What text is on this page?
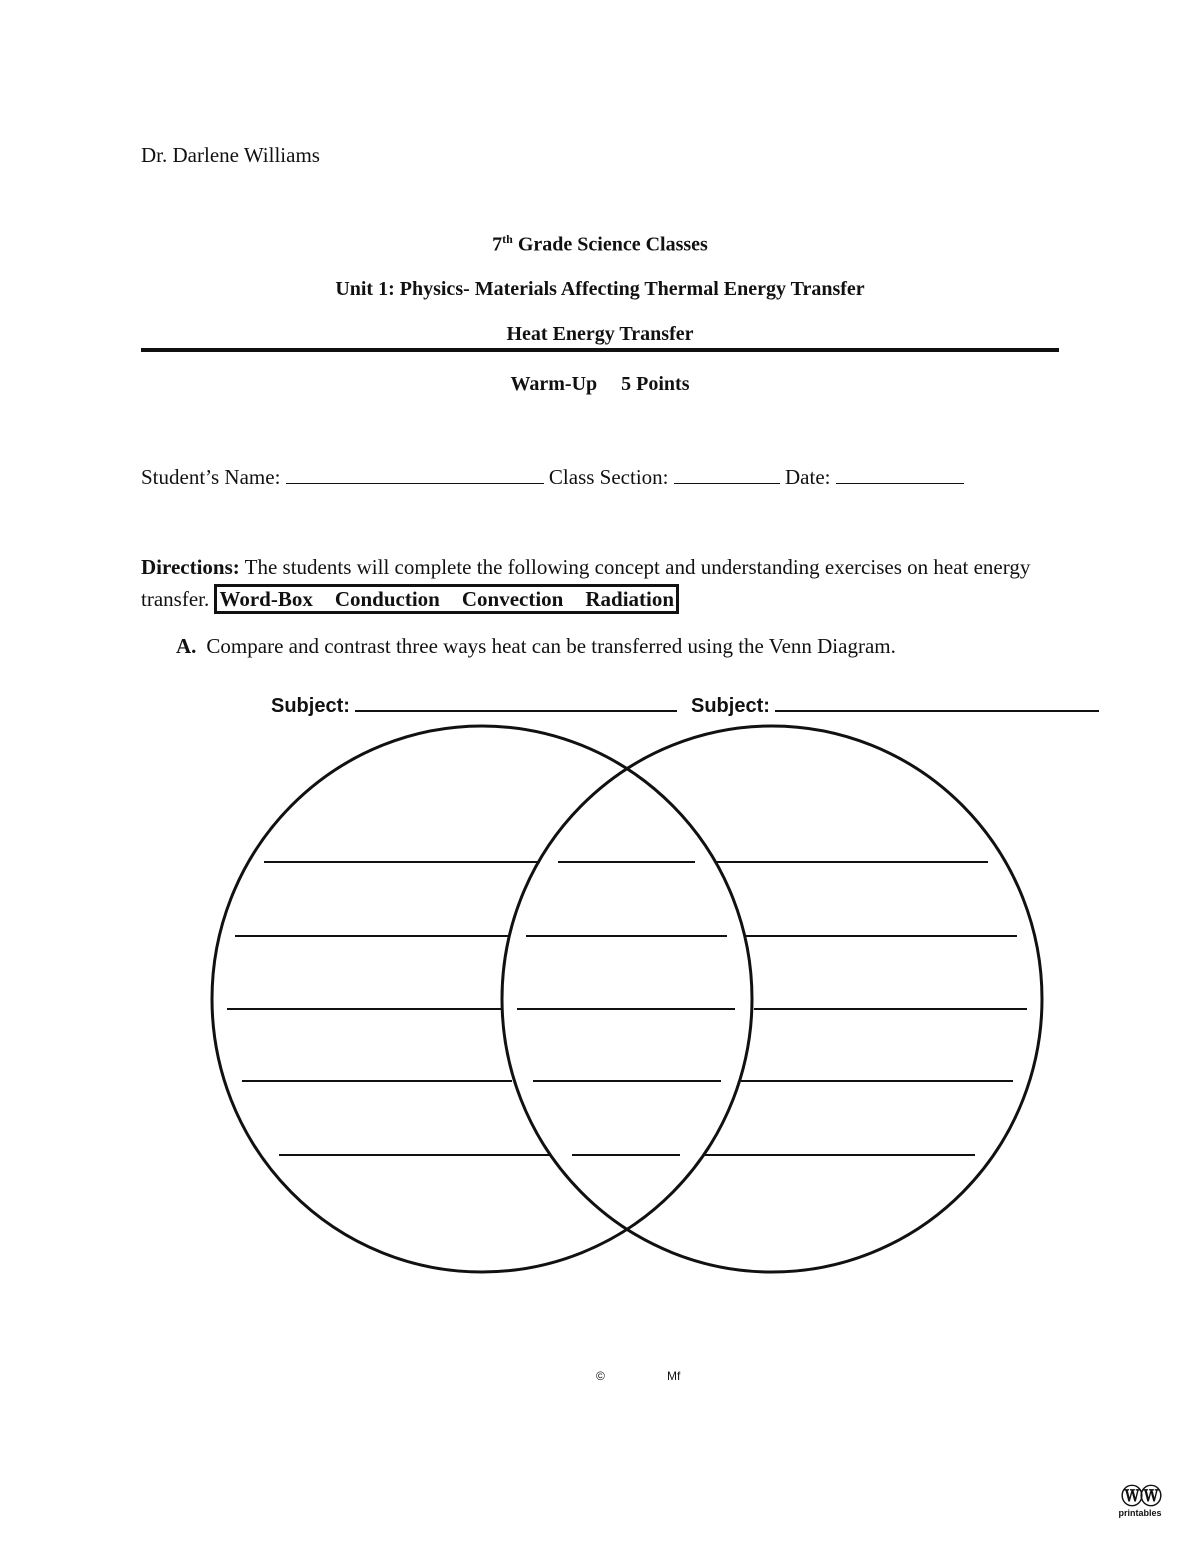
Dr. Darlene Williams
7th Grade Science Classes
Unit 1: Physics- Materials Affecting Thermal Energy Transfer
Heat Energy Transfer
Warm-Up 5 Points
Student’s Name:	Class Section:	Date:
Directions: The students will complete the following concept and understanding exercises on heat energy transfer. Word-Box Conduction Convection Radiation
A. Compare and contrast three ways heat can be transferred using the Venn Diagram.
Subject:	Subject:
©	Mf
ⓌⓌ
printables
